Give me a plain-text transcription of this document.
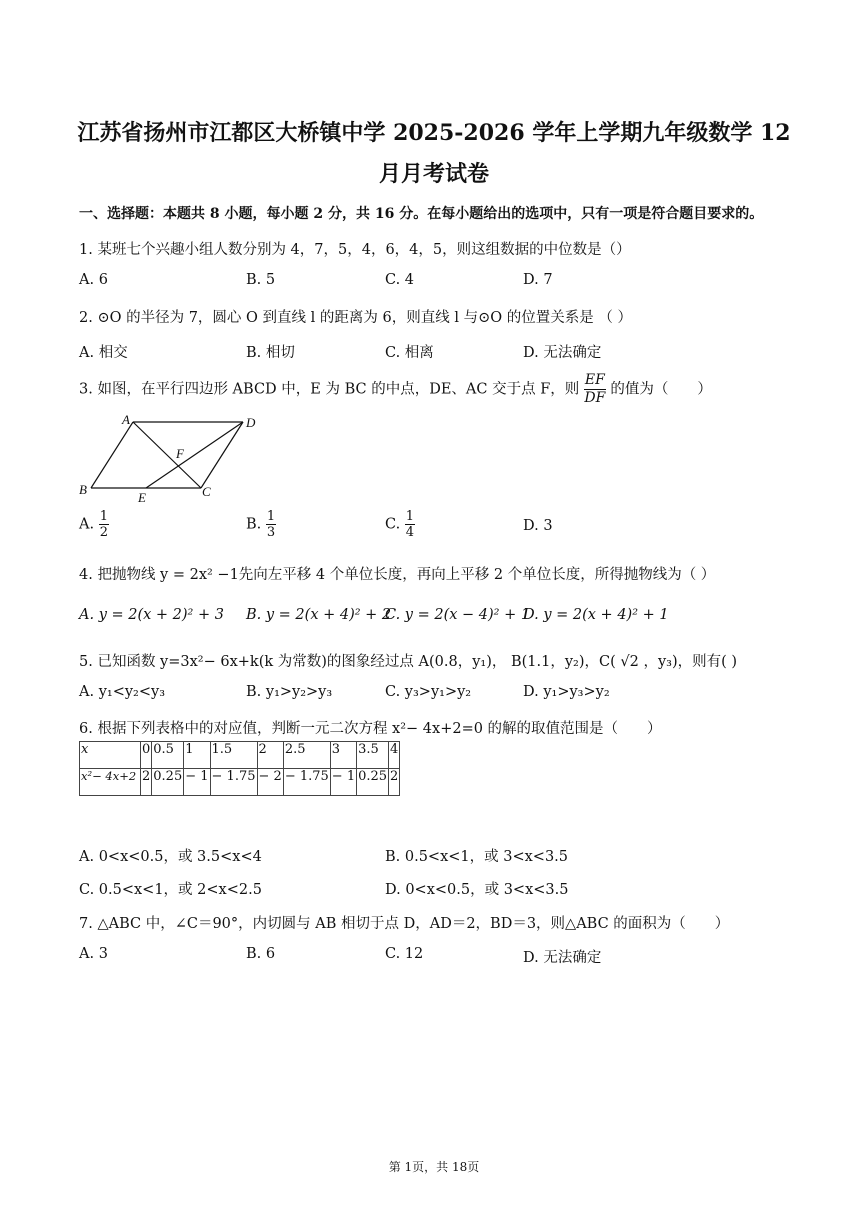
江苏省扬州市江都区大桥镇中学 2025-2026 学年上学期九年级数学 12
月月考试卷
一、选择题：本题共 8 小题，每小题 2 分，共 16 分。在每小题给出的选项中，只有一项是符合题目要求的。
1. 某班七个兴趣小组人数分别为 4，7，5，4，6，4，5，则这组数据的中位数是（）
A. 6	B. 5	C. 4	D. 7
2. ⊙O 的半径为 7，圆心 O 到直线 l 的距离为 6，则直线 l 与⊙O 的位置关系是 （ ）
A. 相交	B. 相切	C. 相离	D. 无法确定
3. 如图，在平行四边形 ABCD 中，E 为 BC 的中点，DE、AC 交于点 F，则 $\frac{EF}{DF}$ 的值为（　　）
A	D
F
B
E	C
A. $\frac{1}{2}$	B. $\frac{1}{3}$	C. $\frac{1}{4}$	D. 3
4. 把抛物线 y = 2x² −1先向左平移 4 个单位长度，再向上平移 2 个单位长度，所得抛物线为（ ）
A. y = 2(x + 2)² + 3 B. y = 2(x + 4)² + 2
C. y = 2(x − 4)² + 1
D. y = 2(x + 4)² + 1
5. 已知函数 y=3x²− 6x+k(k 为常数)的图象经过点 A(0.8，y₁)， B(1.1，y₂)，C( √2 ，y₃)，则有( )
A. y₁<y₂<y₃	B. y₁>y₂>y₃	C. y₃>y₁>y₂	D. y₁>y₃>y₂
6. 根据下列表格中的对应值，判断一元二次方程 x²− 4x+2=0 的解的取值范围是（　　）
x	0	0.5	1	1.5	2	2.5	3	3.5	4
x²− 4x+2	2	0.25	− 1	− 1.75	− 2	− 1.75	− 1	0.25	2
A. 0<x<0.5，或 3.5<x<4	B. 0.5<x<1，或 3<x<3.5
C. 0.5<x<1，或 2<x<2.5	D. 0<x<0.5，或 3<x<3.5
7. △ABC 中，∠C＝90°，内切圆与 AB 相切于点 D，AD＝2，BD＝3，则△ABC 的面积为（　　）
A. 3	B. 6	C. 12	D. 无法确定
第 1页，共 18页
